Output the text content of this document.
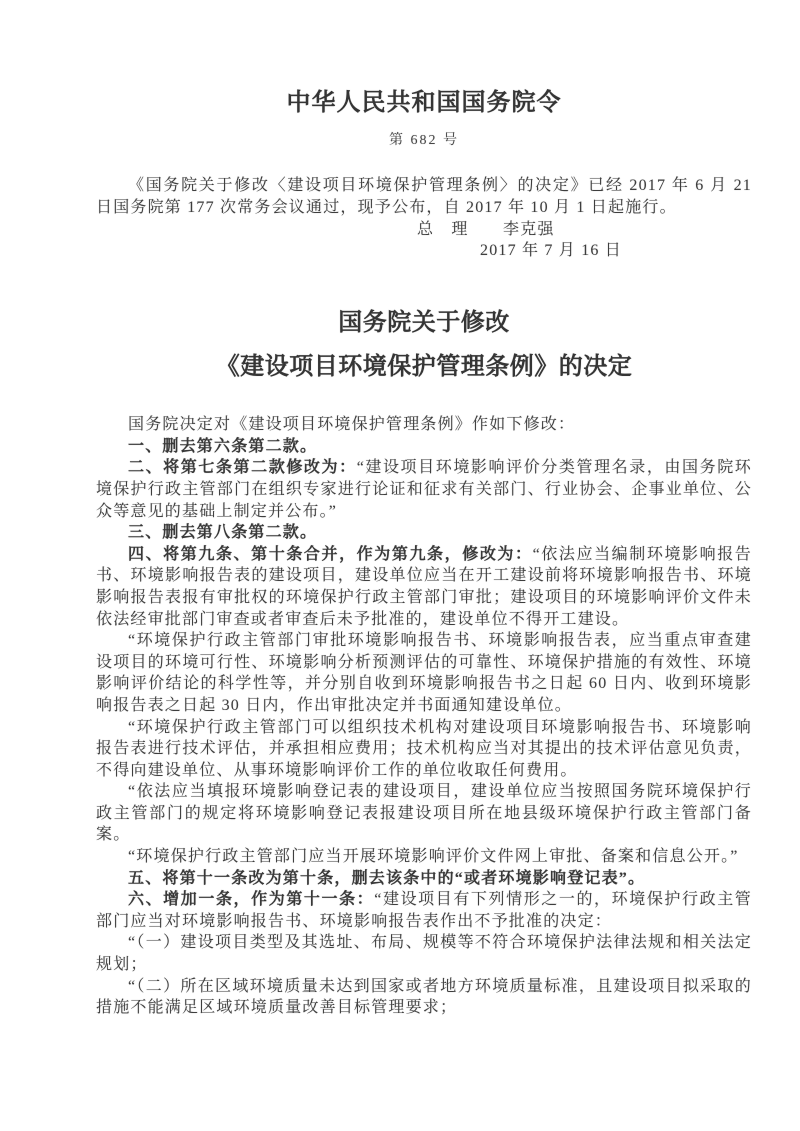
中华人民共和国国务院令
第 682 号

《国务院关于修改〈建设项目环境保护管理条例〉的决定》已经 2017 年 6 月 21 日国务院第 177 次常务会议通过，现予公布，自 2017 年 10 月 1 日起施行。

总　理　　李克强
2017 年 7 月 16 日
国务院关于修改
《建设项目环境保护管理条例》的决定

国务院决定对《建设项目环境保护管理条例》作如下修改：

一、删去第六条第二款。

二、将第七条第二款修改为：“建设项目环境影响评价分类管理名录，由国务院环境保护行政主管部门在组织专家进行论证和征求有关部门、行业协会、企事业单位、公众等意见的基础上制定并公布。”

三、删去第八条第二款。

四、将第九条、第十条合并，作为第九条，修改为：“依法应当编制环境影响报告书、环境影响报告表的建设项目，建设单位应当在开工建设前将环境影响报告书、环境影响报告表报有审批权的环境保护行政主管部门审批；建设项目的环境影响评价文件未依法经审批部门审查或者审查后未予批准的，建设单位不得开工建设。

“环境保护行政主管部门审批环境影响报告书、环境影响报告表，应当重点审查建设项目的环境可行性、环境影响分析预测评估的可靠性、环境保护措施的有效性、环境影响评价结论的科学性等，并分别自收到环境影响报告书之日起 60 日内、收到环境影响报告表之日起 30 日内，作出审批决定并书面通知建设单位。

“环境保护行政主管部门可以组织技术机构对建设项目环境影响报告书、环境影响报告表进行技术评估，并承担相应费用；技术机构应当对其提出的技术评估意见负责，不得向建设单位、从事环境影响评价工作的单位收取任何费用。

“依法应当填报环境影响登记表的建设项目，建设单位应当按照国务院环境保护行政主管部门的规定将环境影响登记表报建设项目所在地县级环境保护行政主管部门备案。

“环境保护行政主管部门应当开展环境影响评价文件网上审批、备案和信息公开。”

五、将第十一条改为第十条，删去该条中的“或者环境影响登记表”。

六、增加一条，作为第十一条：“建设项目有下列情形之一的，环境保护行政主管部门应当对环境影响报告书、环境影响报告表作出不予批准的决定：

“（一）建设项目类型及其选址、布局、规模等不符合环境保护法律法规和相关法定规划；

“（二）所在区域环境质量未达到国家或者地方环境质量标准，且建设项目拟采取的措施不能满足区域环境质量改善目标管理要求；
